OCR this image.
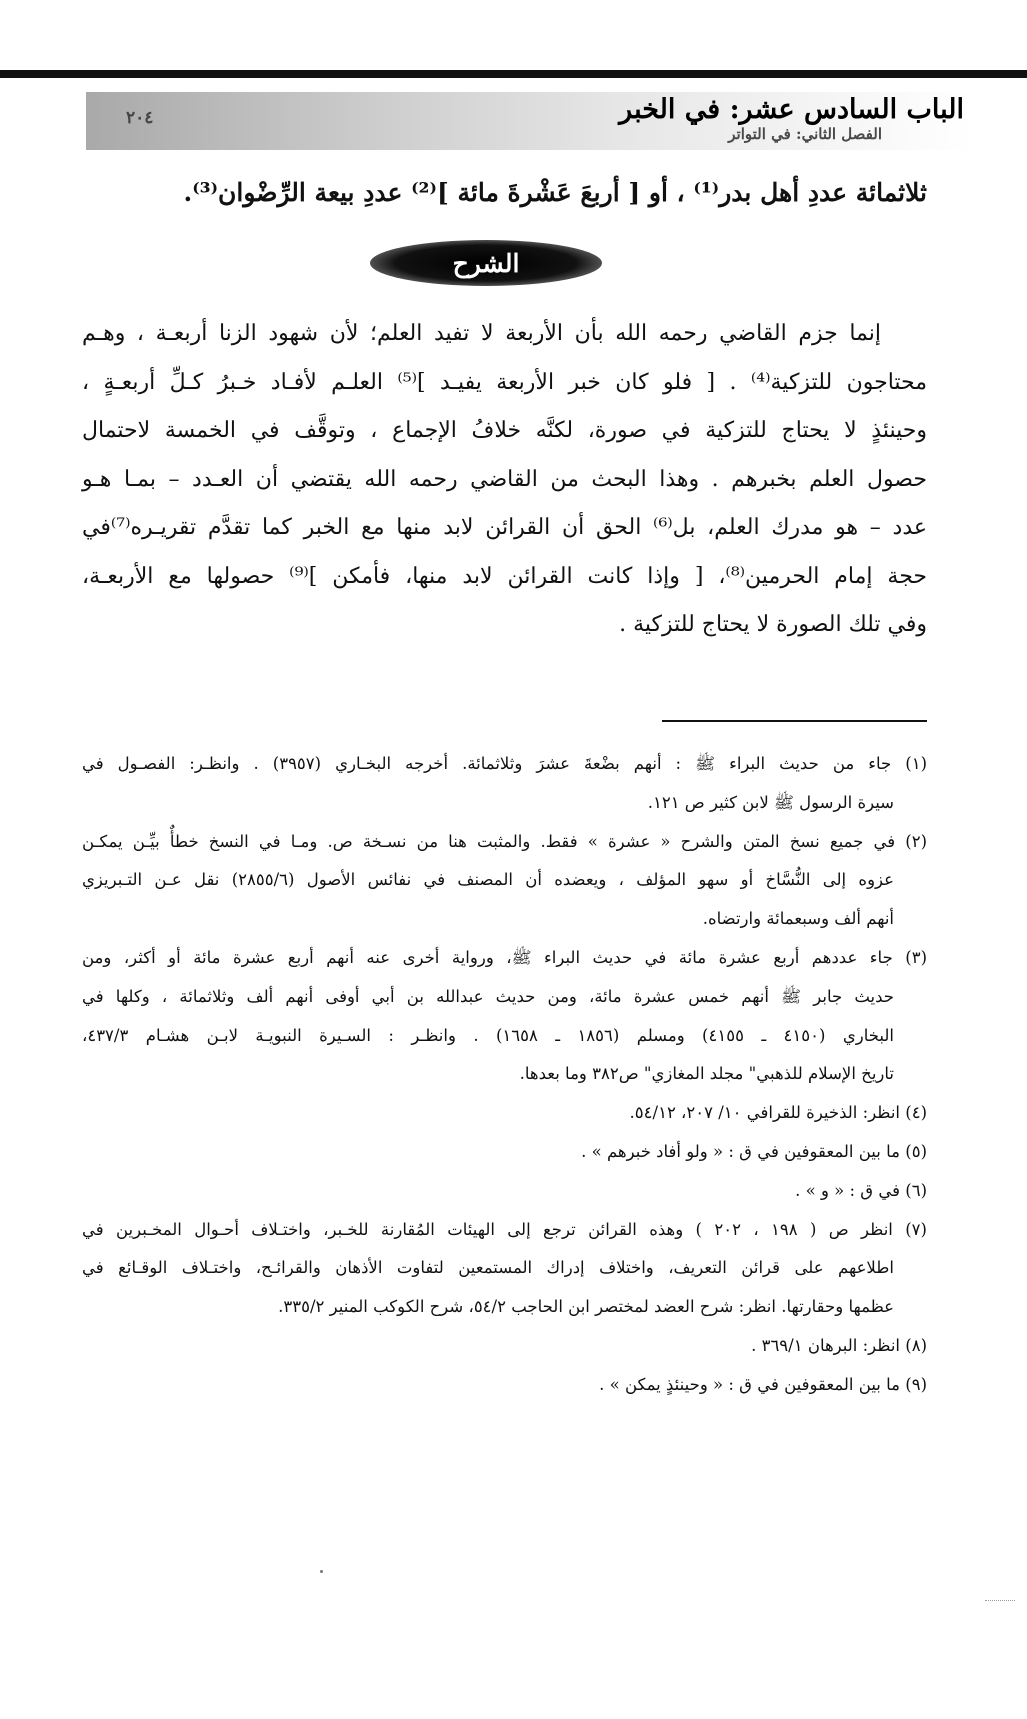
الباب السادس عشر: في الخبر
الفصل الثاني: في التواتر
٢٠٤
ثلاثمائة عددِ أهل بدر⁽¹⁾ ، أو [ أربعَ عَشْرةَ مائة ]⁽²⁾ عددِ بيعة الرِّضْوان⁽³⁾.
الشرح

إنما جزم القاضي رحمه الله بأن الأربعة لا تفيد العلم؛ لأن شهود الزنا أربعـة ، وهـم
محتاجون للتزكية⁽⁴⁾ . [ فلو كان خبر الأربعة يفيـد ]⁽⁵⁾ العلـم لأفـاد خـبرُ كـلِّ أربعـةٍ ،
وحينئذٍ لا يحتاج للتزكية في صورة، لكنَّه خلافُ الإجماع ، وتوقَّف في الخمسة لاحتمال
حصول العلم بخبرهم . وهذا البحث من القاضي رحمه الله يقتضي أن العـدد – بمـا هـو
عدد – هو مدرك العلم، بل⁽⁶⁾ الحق أن القرائن لابد منها مع الخبر كما تقدَّم تقريـره⁽⁷⁾في
حجة إمام الحرمين⁽⁸⁾، [ وإذا كانت القرائن لابد منها، فأمكن ]⁽⁹⁾ حصولها مع الأربعـة،
وفي تلك الصورة لا يحتاج للتزكية .

(١) جاء من حديث البراء ﷺ : أنهم بضْعةَ عشرَ وثلاثمائة. أخرجه البخـاري (٣٩٥٧) . وانظـر: الفصـول في
سيرة الرسول ﷺ لابن كثير ص ١٢١.
(٢) في جميع نسخ المتن والشرح « عشرة » فقط. والمثبت هنا من نسـخة ص. ومـا في النسخ خطأٌ بيِّـن يمكـن
عزوه إلى النُّسَّاخ أو سهو المؤلف ، ويعضده أن المصنف في نفائس الأصول (٢٨٥٥/٦) نقل عـن التـبريزي
أنهم ألف وسبعمائة وارتضاه.
(٣) جاء عددهم أربع عشرة مائة في حديث البراء ﷺ، ورواية أخرى عنه أنهم أربع عشرة مائة أو أكثر، ومن
حديث جابر ﷺ أنهم خمس عشرة مائة، ومن حديث عبدالله بن أبي أوفى أنهم ألف وثلاثمائة ، وكلها في
البخاري (٤١٥٠ ـ ٤١٥٥) ومسلم (١٨٥٦ ـ ١٦٥٨) . وانظـر : السـيرة النبويـة لابـن هشـام ٤٣٧/٣،
تاريخ الإسلام للذهبي" مجلد المغازي" ص٣٨٢ وما بعدها.
(٤) انظر: الذخيرة للقرافي ١٠/ ٢٠٧، ٥٤/١٢.
(٥) ما بين المعقوفين في ق : « ولو أفاد خبرهم » .
(٦) في ق : « و » .
(٧) انظر ص ( ١٩٨ ، ٢٠٢ ) وهذه القرائن ترجع إلى الهيئات المُقارنة للخـبر، واختـلاف أحـوال المخـبرين في
اطلاعهم على قرائن التعريف، واختلاف إدراك المستمعين لتفاوت الأذهان والقرائـح، واختـلاف الوقـائع في
عظمها وحقارتها. انظر: شرح العضد لمختصر ابن الحاجب ٥٤/٢، شرح الكوكب المنير ٣٣٥/٢.
(٨) انظر: البرهان ٣٦٩/١ .
(٩) ما بين المعقوفين في ق : « وحينئذٍ يمكن » .
